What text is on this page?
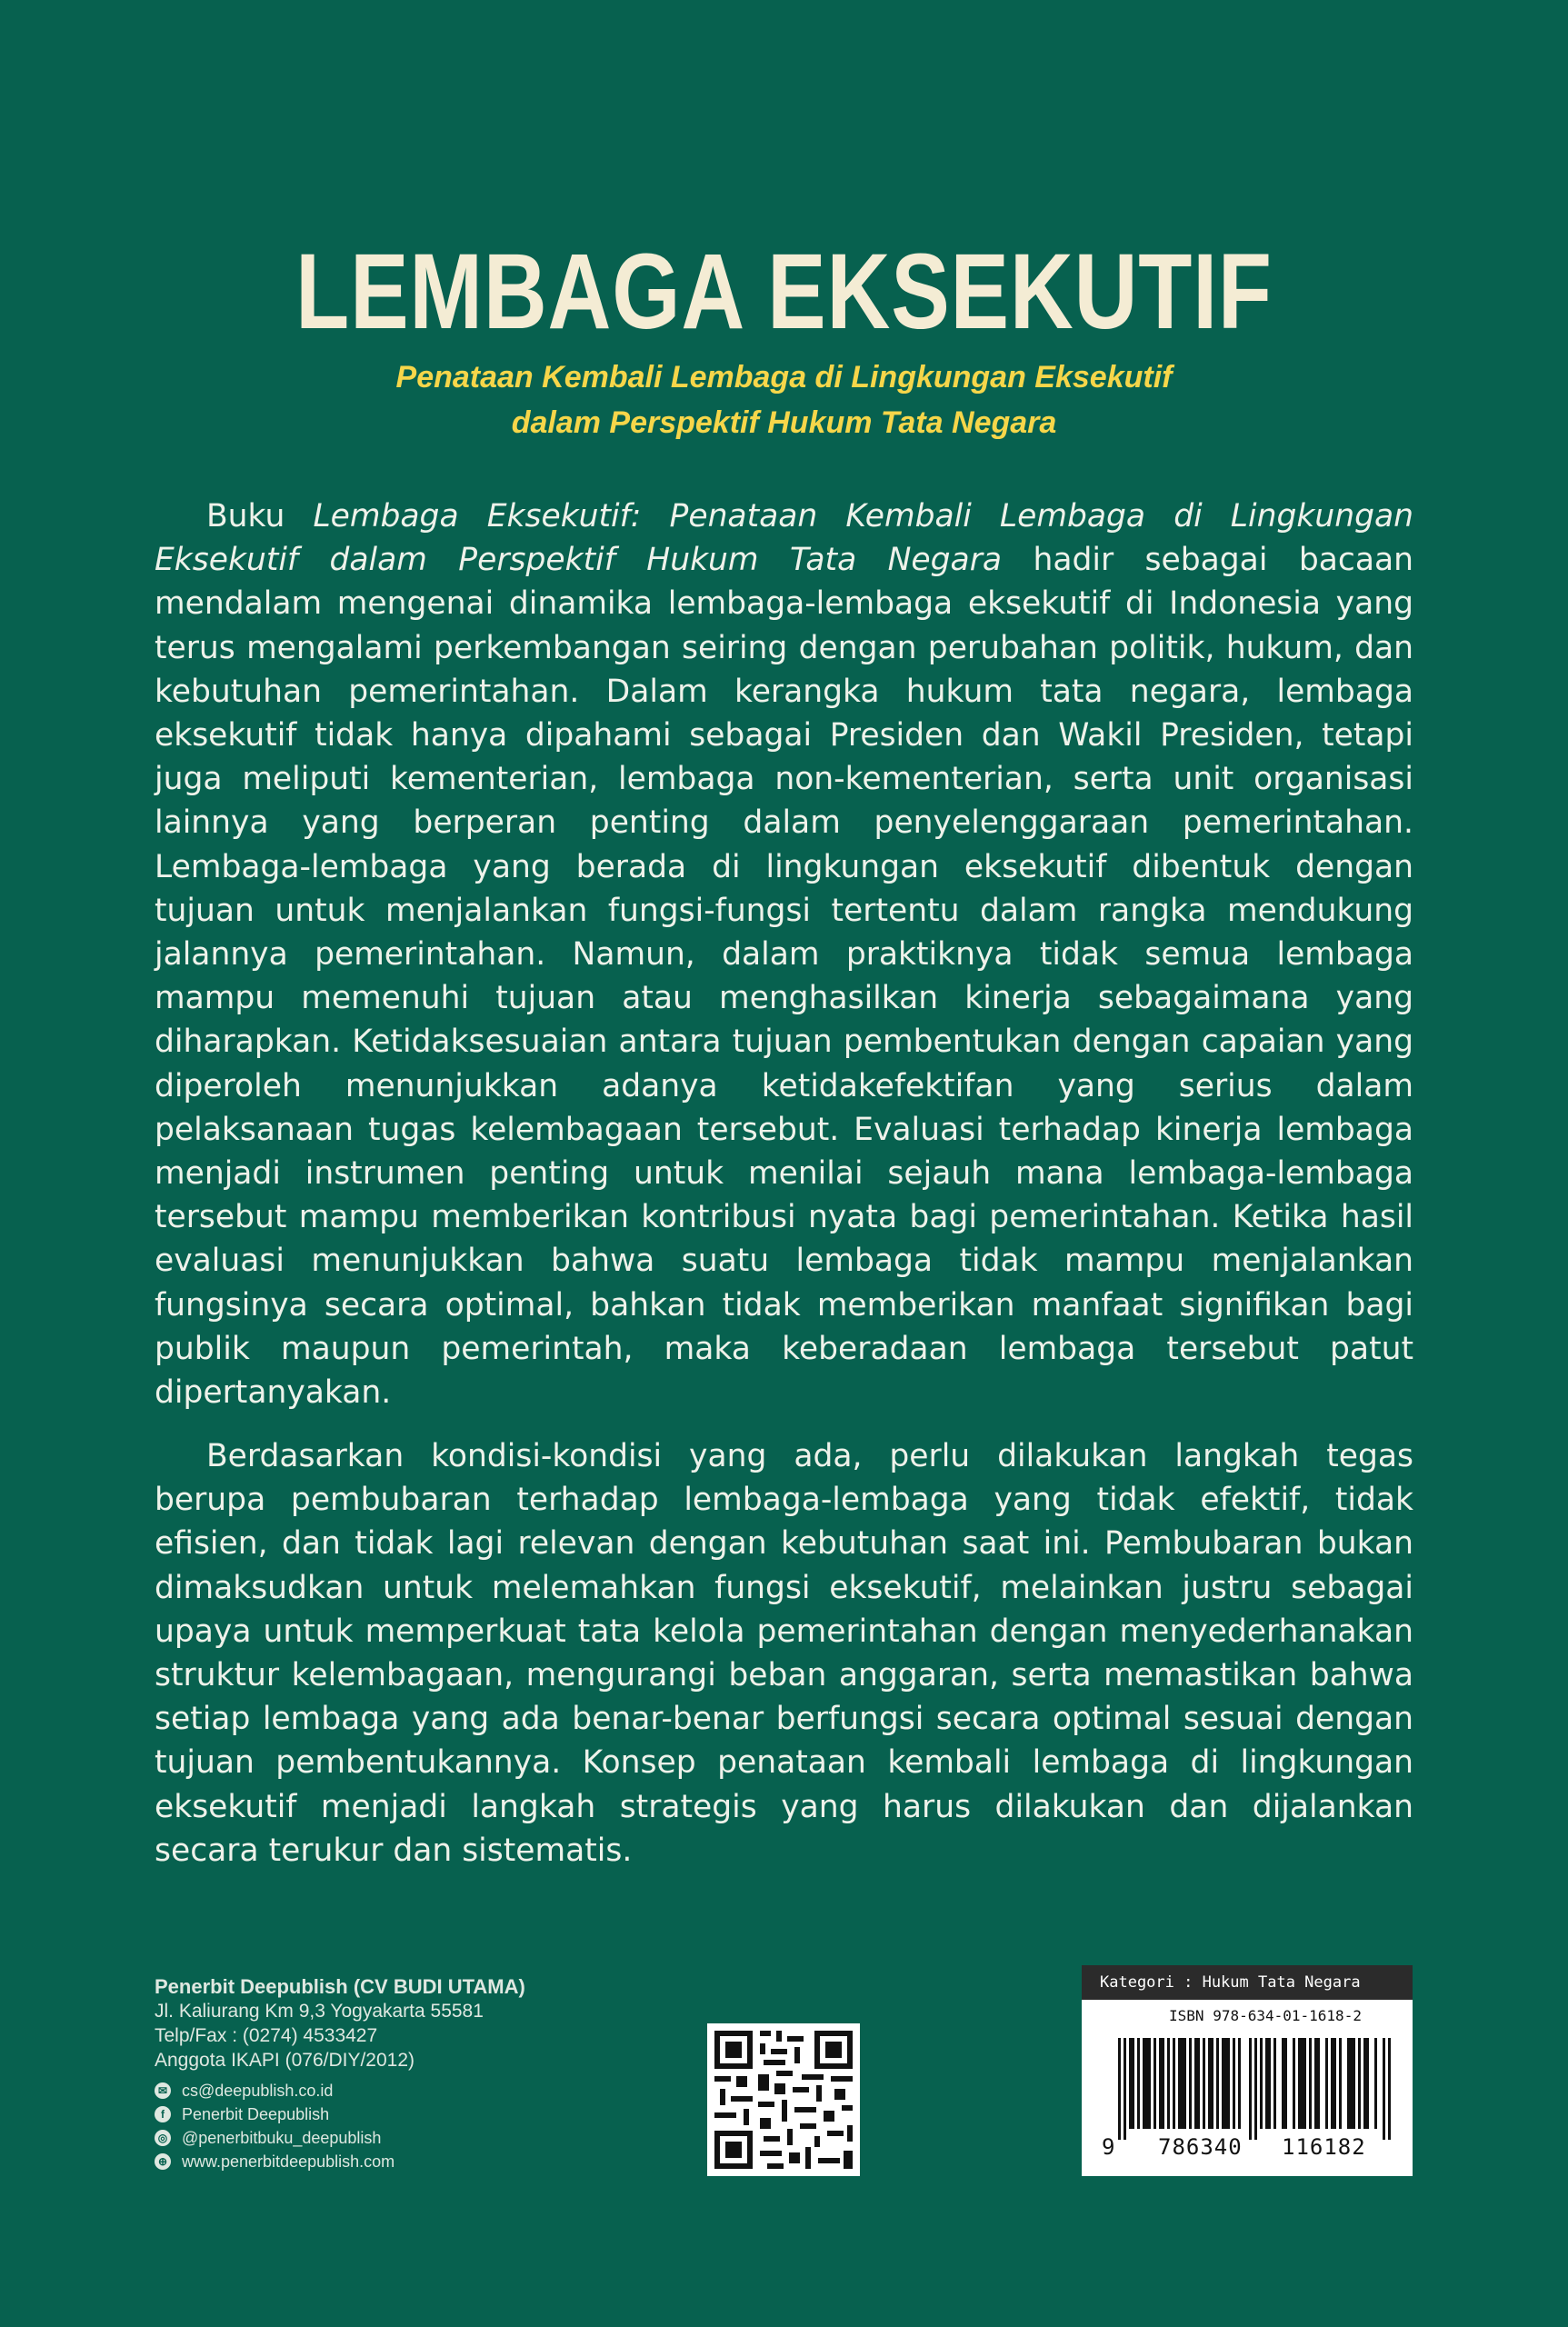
LEMBAGA EKSEKUTIF
Penataan Kembali Lembaga di Lingkungan Eksekutif
dalam Perspektif Hukum Tata Negara
Buku Lembaga Eksekutif: Penataan Kembali Lembaga di Lingkungan Eksekutif dalam Perspektif Hukum Tata Negara hadir sebagai bacaan mendalam mengenai dinamika lembaga-lembaga eksekutif di Indonesia yang terus mengalami perkembangan seiring dengan perubahan politik, hukum, dan kebutuhan pemerintahan. Dalam kerangka hukum tata negara, lembaga eksekutif tidak hanya dipahami sebagai Presiden dan Wakil Presiden, tetapi juga meliputi kementerian, lembaga non-kementerian, serta unit organisasi lainnya yang berperan penting dalam penyelenggaraan pemerintahan. Lembaga-lembaga yang berada di lingkungan eksekutif dibentuk dengan tujuan untuk menjalankan fungsi-fungsi tertentu dalam rangka mendukung jalannya pemerintahan. Namun, dalam praktiknya tidak semua lembaga mampu memenuhi tujuan atau menghasilkan kinerja sebagaimana yang diharapkan. Ketidaksesuaian antara tujuan pembentukan dengan capaian yang diperoleh menunjukkan adanya ketidakefektifan yang serius dalam pelaksanaan tugas kelembagaan tersebut. Evaluasi terhadap kinerja lembaga menjadi instrumen penting untuk menilai sejauh mana lembaga-lembaga tersebut mampu memberikan kontribusi nyata bagi pemerintahan. Ketika hasil evaluasi menunjukkan bahwa suatu lembaga tidak mampu menjalankan fungsinya secara optimal, bahkan tidak memberikan manfaat signifikan bagi publik maupun pemerintah, maka keberadaan lembaga tersebut patut dipertanyakan.
Berdasarkan kondisi-kondisi yang ada, perlu dilakukan langkah tegas berupa pembubaran terhadap lembaga-lembaga yang tidak efektif, tidak efisien, dan tidak lagi relevan dengan kebutuhan saat ini. Pembubaran bukan dimaksudkan untuk melemahkan fungsi eksekutif, melainkan justru sebagai upaya untuk memperkuat tata kelola pemerintahan dengan menyederhanakan struktur kelembagaan, mengurangi beban anggaran, serta memastikan bahwa setiap lembaga yang ada benar-benar berfungsi secara optimal sesuai dengan tujuan pembentukannya. Konsep penataan kembali lembaga di lingkungan eksekutif menjadi langkah strategis yang harus dilakukan dan dijalankan secara terukur dan sistematis.
Penerbit Deepublish (CV BUDI UTAMA)
Jl. Kaliurang Km 9,3 Yogyakarta 55581
Telp/Fax : (0274) 4533427
Anggota IKAPI (076/DIY/2012)
✉ cs@deepublish.co.id
f	Penerbit Deepublish
◎ @penerbitbuku_deepublish
⊕ www.penerbitdeepublish.com
Kategori : Hukum Tata Negara
ISBN 978-634-01-1618-2
9 786340 116182
